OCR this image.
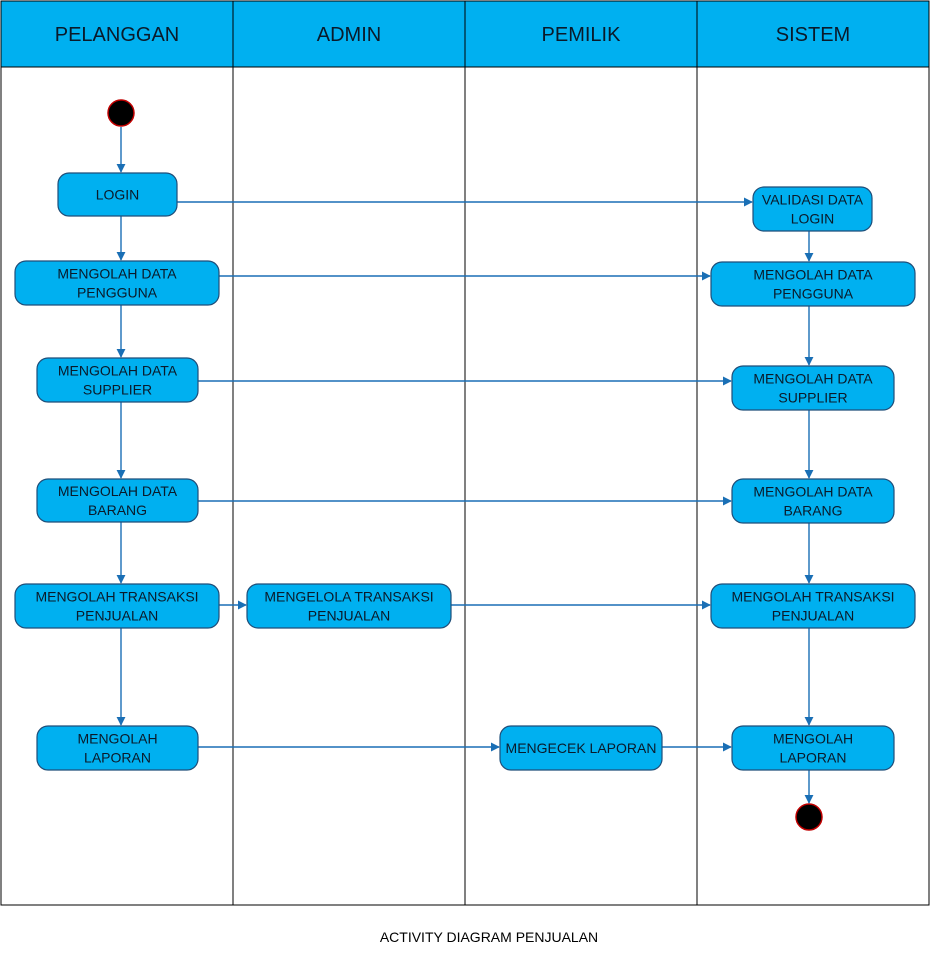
PELANGGAN	ADMIN	PEMILIK	SISTEM
LOGIN
MENGOLAH DATA
PENGGUNA
MENGOLAH DATA
SUPPLIER
MENGOLAH DATA
BARANG
MENGOLAH TRANSAKSI
PENJUALAN
MENGOLAH
LAPORAN
MENGELOLA TRANSAKSI
PENJUALAN
MENGECEK LAPORAN
VALIDASI DATA
LOGIN
MENGOLAH DATA
PENGGUNA
MENGOLAH DATA
SUPPLIER
MENGOLAH DATA
BARANG
MENGOLAH TRANSAKSI
PENJUALAN
MENGOLAH
LAPORAN
ACTIVITY DIAGRAM PENJUALAN
